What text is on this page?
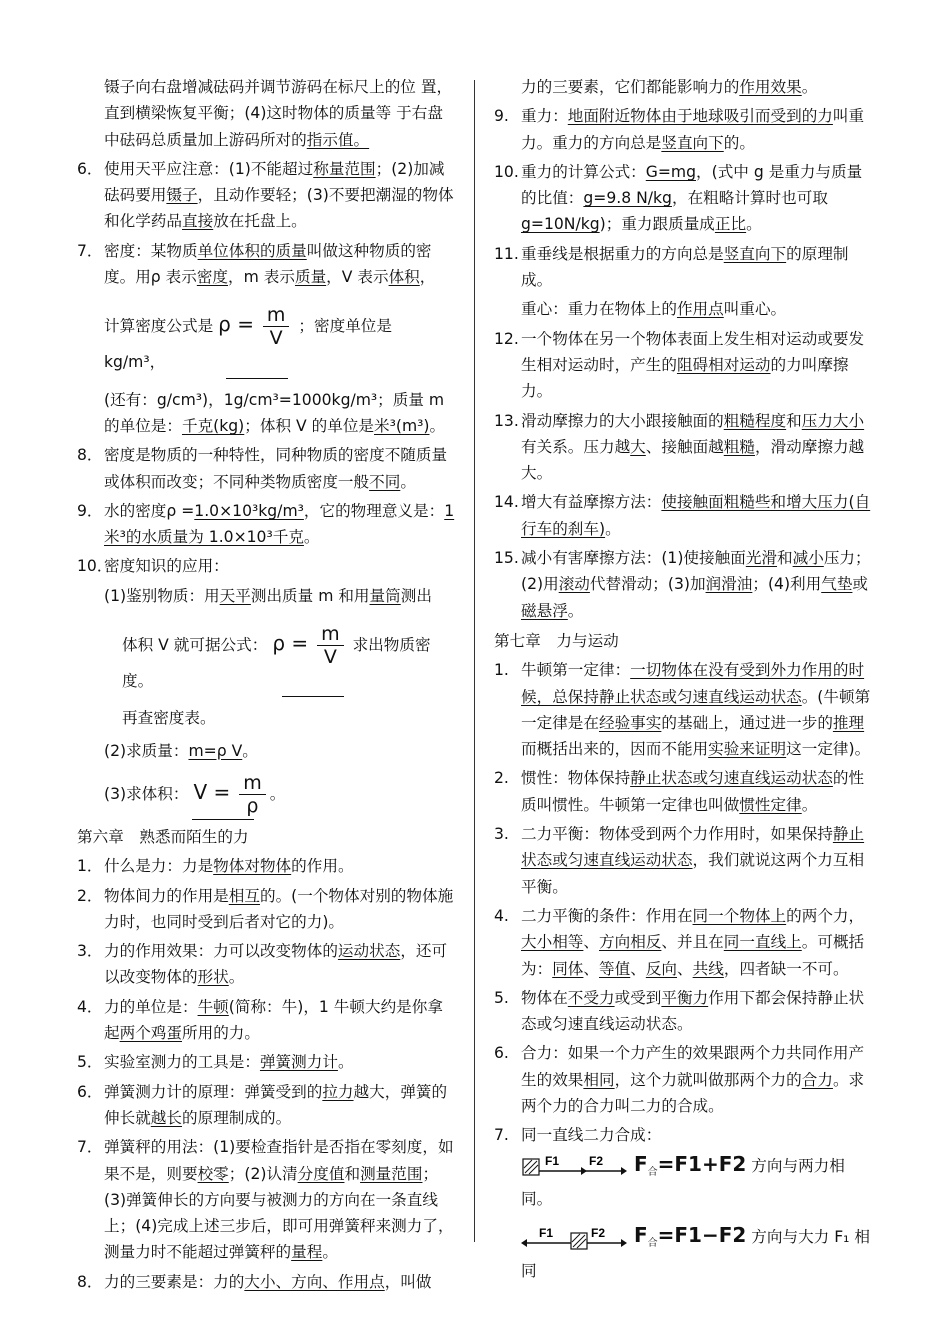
镊子向右盘增减砝码并调节游码在标尺上的位 置，直到横梁恢复平衡；(4)这时物体的质量等 于右盘中砝码总质量加上游码所对的指示值。
6． 使用天平应注意：(1)不能超过称量范围；(2)加减砝码要用镊子，且动作要轻；(3)不要把潮湿的物体和化学药品直接放在托盘上。
7． 密度：某物质单位体积的质量叫做这种物质的密度。用ρ 表示密度，m 表示质量，V 表示体积，
计算密度公式是 $\rho = \frac{m}{V}$ ；密度单位是 kg/m³，
(还有：g/cm³)，1g/cm³=1000kg/m³；质量 m 的单位是：千克(kg)；体积 V 的单位是米³(m³)。
8． 密度是物质的一种特性，同种物质的密度不随质量或体积而改变；不同种类物质密度一般不同。
9． 水的密度ρ =1.0×10³kg/m³，它的物理意义是：1米³的水质量为 1.0×10³千克。
10．
密度知识的应用：
(1)鉴别物质：用天平测出质量 m 和用量筒测出
体积 V 就可据公式： $\rho = \frac{m}{V}$ 求出物质密度。
再查密度表。
(2)求质量：m=ρ V。
(3)求体积： $V = \frac{m}{\rho}$ 。
第六章　熟悉而陌生的力
1． 什么是力：力是物体对物体的作用。
2． 物体间力的作用是相互的。(一个物体对别的物体施力时，也同时受到后者对它的力)。
3． 力的作用效果：力可以改变物体的运动状态，还可以改变物体的形状。
4． 力的单位是：牛顿(简称：牛)，1 牛顿大约是你拿起两个鸡蛋所用的力。
5． 实验室测力的工具是：弹簧测力计。
6． 弹簧测力计的原理：弹簧受到的拉力越大，弹簧的伸长就越长的原理制成的。
7． 弹簧秤的用法：(1)要检查指针是否指在零刻度，如果不是，则要校零；(2)认清分度值和测量范围；(3)弹簧伸长的方向要与被测力的方向在一条直线上；(4)完成上述三步后，即可用弹簧秤来测力了，测量力时不能超过弹簧秤的量程。
8． 力的三要素是：力的大小、方向、作用点，叫做
力的三要素，它们都能影响力的作用效果。
9. 重力：地面附近物体由于地球吸引而受到的力叫重力。重力的方向总是竖直向下的。
10. 重力的计算公式：G=mg，(式中 g 是重力与质量的比值：g=9.8 N/kg，在粗略计算时也可取g=10N/kg)；重力跟质量成正比。
11. 重垂线是根据重力的方向总是竖直向下的原理制成。
重心：重力在物体上的作用点叫重心。
12. 一个物体在另一个物体表面上发生相对运动或要发生相对运动时，产生的阻碍相对运动的力叫摩擦力。
13. 滑动摩擦力的大小跟接触面的粗糙程度和压力大小有关系。压力越大、接触面越粗糙，滑动摩擦力越大。
14. 增大有益摩擦方法：使接触面粗糙些和增大压力(自行车的刹车)。
15. 减小有害摩擦方法：(1)使接触面光滑和减小压力；(2)用滚动代替滑动；(3)加润滑油；(4)利用气垫或磁悬浮。
第七章　力与运动
1. 牛顿第一定律：一切物体在没有受到外力作用的时候，总保持静止状态或匀速直线运动状态。(牛顿第一定律是在经验事实的基础上，通过进一步的推理而概括出来的，因而不能用实验来证明这一定律)。
2. 惯性：物体保持静止状态或匀速直线运动状态的性质叫惯性。牛顿第一定律也叫做惯性定律。
3. 二力平衡：物体受到两个力作用时，如果保持静止状态或匀速直线运动状态，我们就说这两个力互相平衡。
4. 二力平衡的条件：作用在同一个物体上的两个力，大小相等、方向相反、并且在同一直线上。可概括为：同体、等值、反向、共线，四者缺一不可。
5. 物体在不受力或受到平衡力作用下都会保持静止状态或匀速直线运动状态。
6. 合力：如果一个力产生的效果跟两个力共同作用产生的效果相同，这个力就叫做那两个力的合力。求两个力的合力叫二力的合成。
7. 同一直线二力合成：
F1 F2 $F_合=F1+F2$ 方向与两力相同。
F1	F2 $F_合=F1-F2$ 方向与大力 F₁ 相同
